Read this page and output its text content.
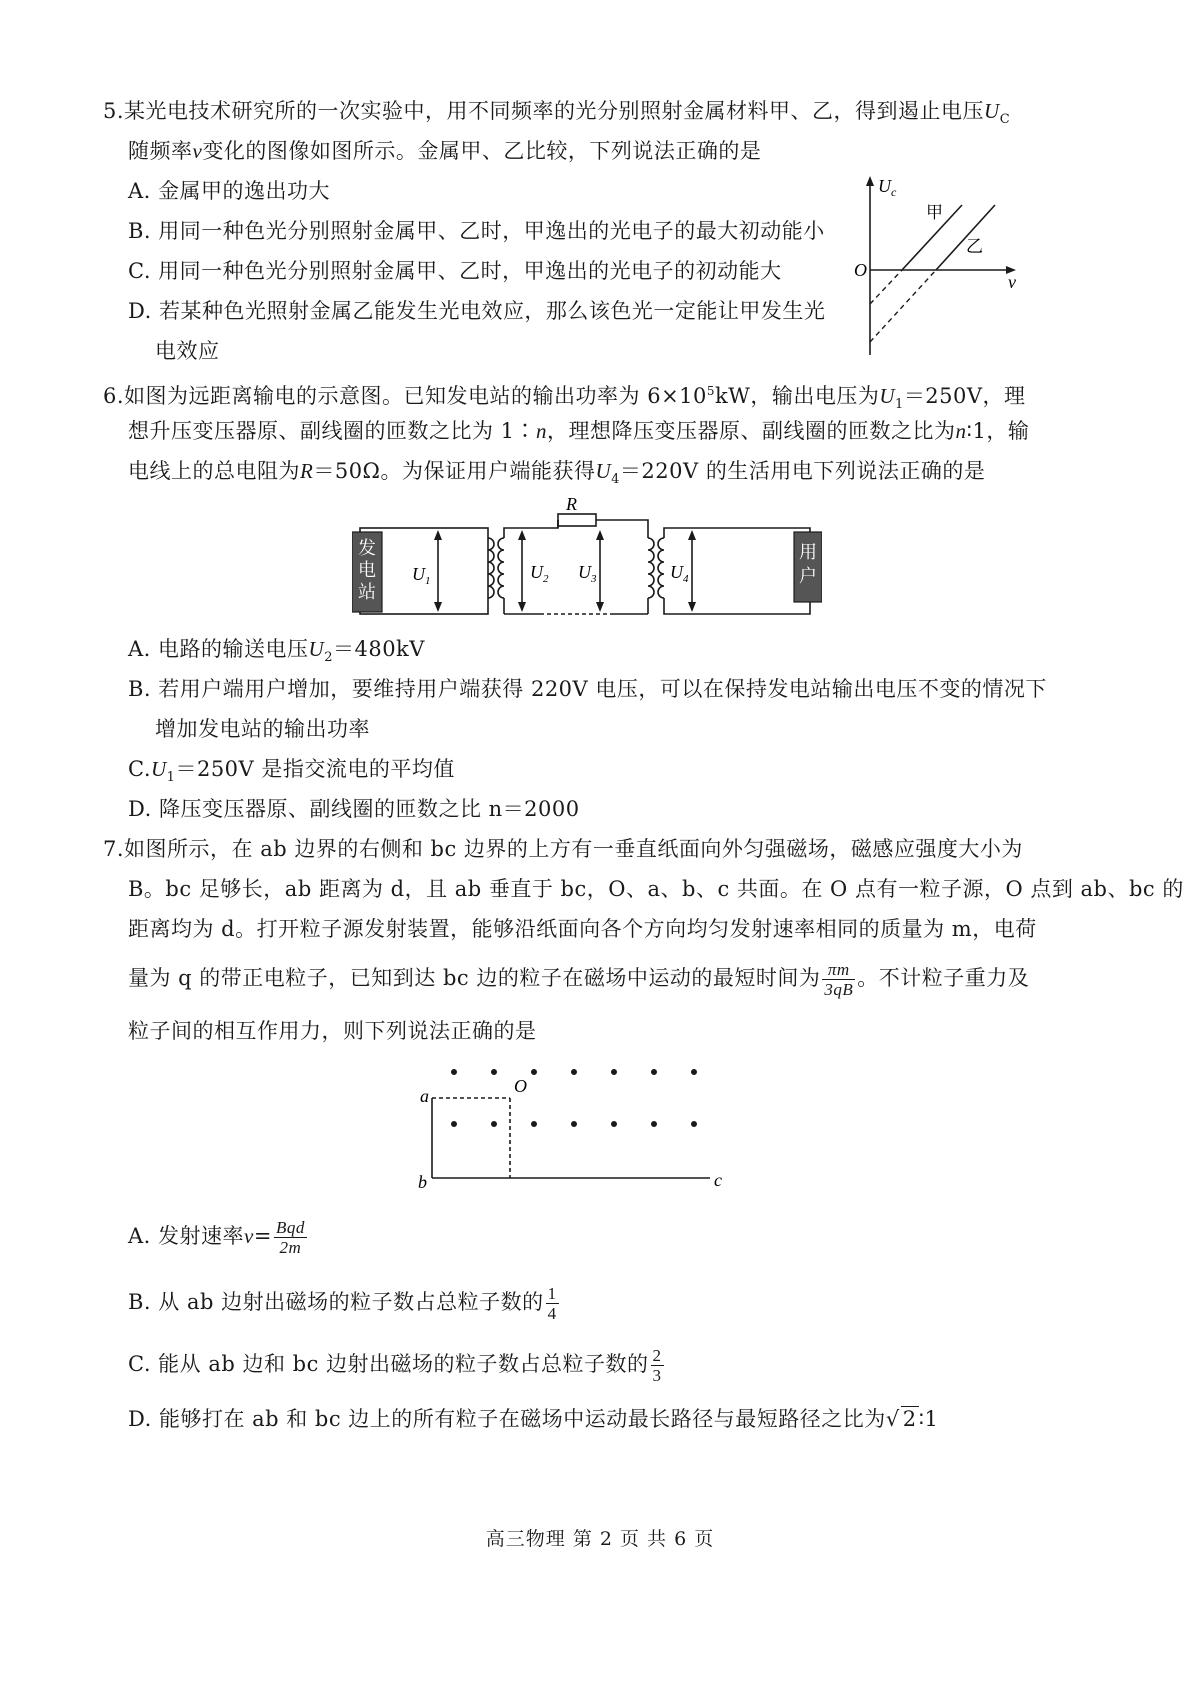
5.某光电技术研究所的一次实验中，用不同频率的光分别照射金属材料甲、乙，得到遏止电压$U_C$
随频率ν变化的图像如图所示。金属甲、乙比较，下列说法正确的是
A. 金属甲的逸出功大
B. 用同一种色光分别照射金属甲、乙时，甲逸出的光电子的最大初动能小
C. 用同一种色光分别照射金属甲、乙时，甲逸出的光电子的初动能大
D. 若某种色光照射金属乙能发生光电效应，那么该色光一定能让甲发生光
电效应
$U_c$
ν
O
甲
乙
6.如图为远距离输电的示意图。已知发电站的输出功率为 $6\times 10^5kW$，输出电压为$U_1=250V$，理
想升压变压器原、副线圈的匝数之比为 1∶n，理想降压变压器原、副线圈的匝数之比为n∶1，输
电线上的总电阻为R＝50Ω。为保证用户端能获得$U_4=220V$ 的生活用电下列说法正确的是
发电站
用户
R
$U_1$	$U_2$ $U_3$	$U_4$
A. 电路的输送电压$U_2=480kV$
B. 若用户端用户增加，要维持用户端获得 220V 电压，可以在保持发电站输出电压不变的情况下
增加发电站的输出功率
$C.U_1=250V$ 是指交流电的平均值
D. 降压变压器原、副线圈的匝数之比 n＝2000
7.如图所示，在 ab 边界的右侧和 bc 边界的上方有一垂直纸面向外匀强磁场，磁感应强度大小为
B。bc 足够长，ab 距离为 d，且 ab 垂直于 bc，O、a、b、c 共面。在 O 点有一粒子源，O 点到 ab、bc 的
距离均为 d。打开粒子源发射装置，能够沿纸面向各个方向均匀发射速率相同的质量为 m，电荷
量为 q 的带正电粒子，已知到达 bc 边的粒子在磁场中运动的最短时间为 $\frac{\pi m}{3qB}$ 。不计粒子重力及
粒子间的相互作用力，则下列说法正确的是
a
b	c
O
A. 发射速率$v= \frac{\text{Bqd}}{2m}$
B. 从 ab 边射出磁场的粒子数占总粒子数的 $\frac{1}{4}$
C. 能从 ab 边和 bc 边射出磁场的粒子数占总粒子数的 $\frac{2}{3}$
D. 能够打在 ab 和 bc 边上的所有粒子在磁场中运动最长路径与最短路径之比为√ 2∶1
高三物理 第 2 页 共 6 页
